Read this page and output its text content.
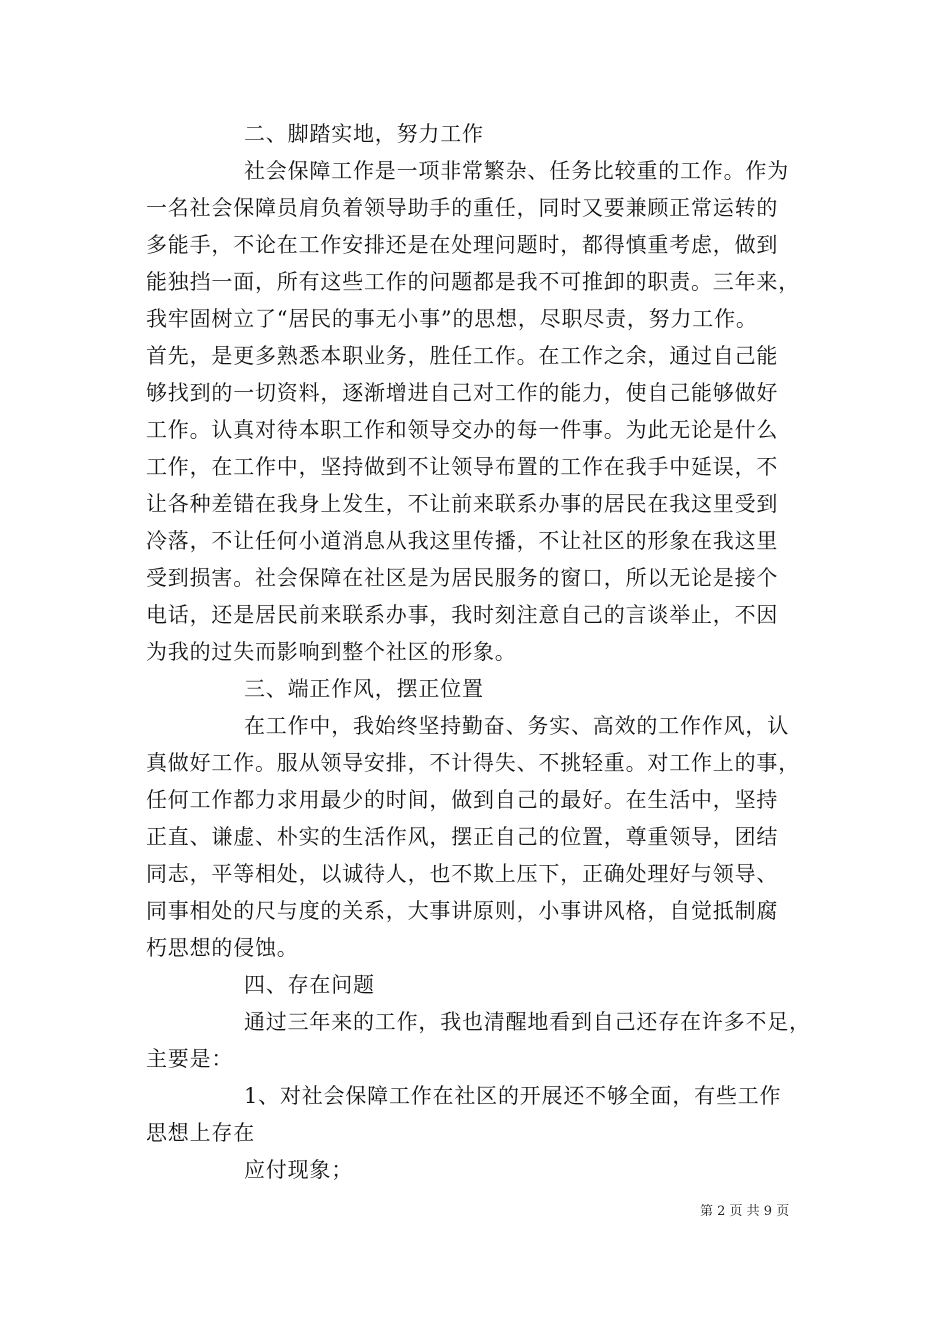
二、脚踏实地，努力工作
社会保障工作是一项非常繁杂、任务比较重的工作。作为
一名社会保障员肩负着领导助手的重任，同时又要兼顾正常运转的
多能手，不论在工作安排还是在处理问题时，都得慎重考虑，做到
能独挡一面，所有这些工作的问题都是我不可推卸的职责。三年来，
我牢固树立了“居民的事无小事”的思想，尽职尽责，努力工作。
首先，是更多熟悉本职业务，胜任工作。在工作之余，通过自己能
够找到的一切资料，逐渐增进自己对工作的能力，使自己能够做好
工作。认真对待本职工作和领导交办的每一件事。为此无论是什么
工作，在工作中，坚持做到不让领导布置的工作在我手中延误，不
让各种差错在我身上发生，不让前来联系办事的居民在我这里受到
冷落，不让任何小道消息从我这里传播，不让社区的形象在我这里
受到损害。社会保障在社区是为居民服务的窗口，所以无论是接个
电话，还是居民前来联系办事，我时刻注意自己的言谈举止，不因
为我的过失而影响到整个社区的形象。
三、端正作风，摆正位置
在工作中，我始终坚持勤奋、务实、高效的工作作风，认
真做好工作。服从领导安排，不计得失、不挑轻重。对工作上的事，
任何工作都力求用最少的时间，做到自己的最好。在生活中，坚持
正直、谦虚、朴实的生活作风，摆正自己的位置，尊重领导，团结
同志，平等相处，以诚待人，也不欺上压下，正确处理好与领导、
同事相处的尺与度的关系，大事讲原则，小事讲风格，自觉抵制腐
朽思想的侵蚀。
四、存在问题
通过三年来的工作，我也清醒地看到自己还存在许多不足，
主要是：
1、对社会保障工作在社区的开展还不够全面，有些工作
思想上存在
应付现象；
第 2 页 共 9 页
